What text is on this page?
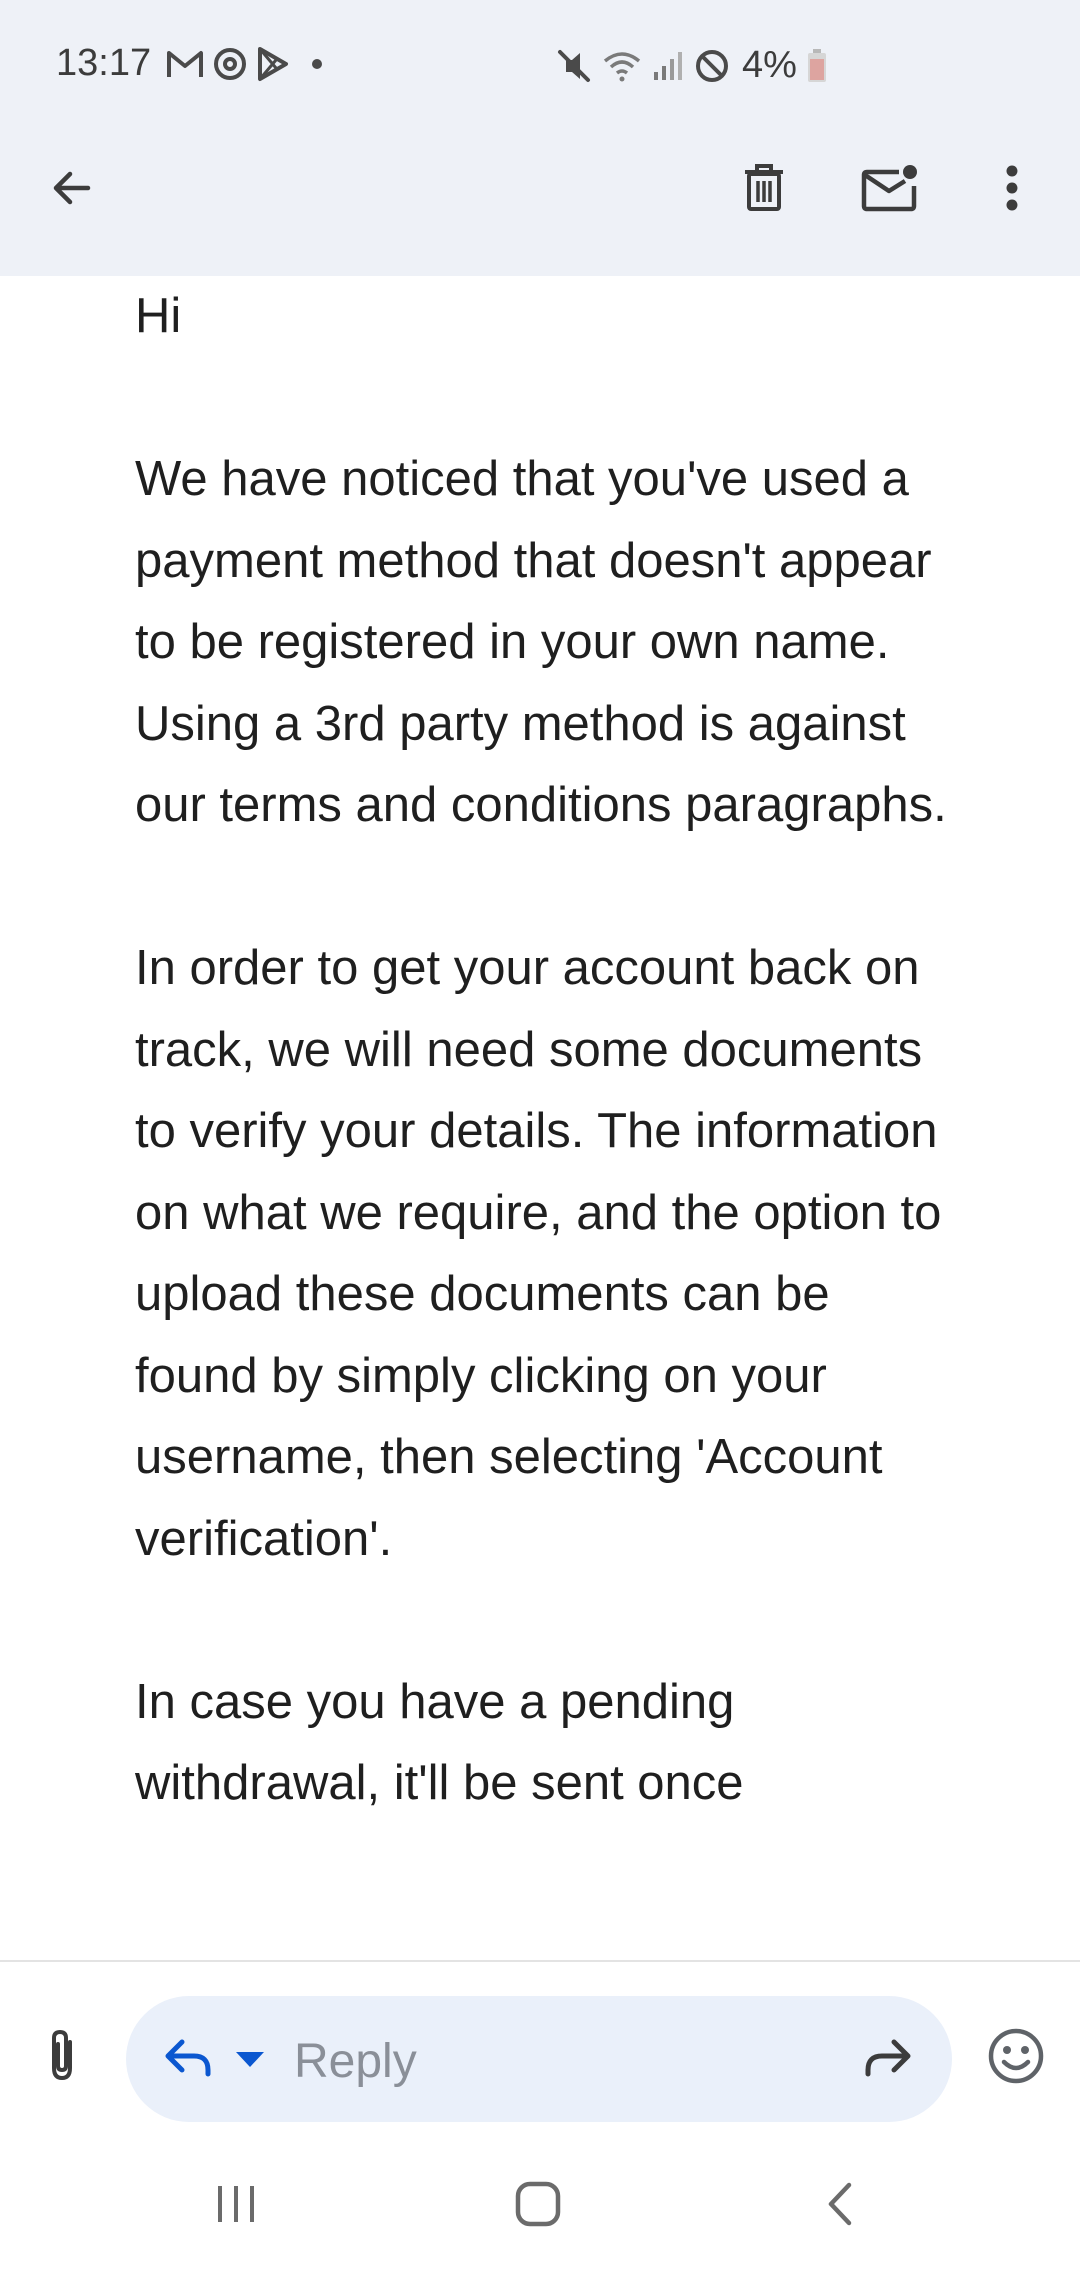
13:17	4%

Hi

We have noticed that you've used a payment method that doesn't appear to be registered in your own name. Using a 3rd party method is against our terms and conditions paragraphs.

In order to get your account back on track, we will need some documents to verify your details. The information on what we require, and the option to upload these documents can be found by simply clicking on your username, then selecting 'Account verification'.

In case you have a pending withdrawal, it'll be sent once

Reply
